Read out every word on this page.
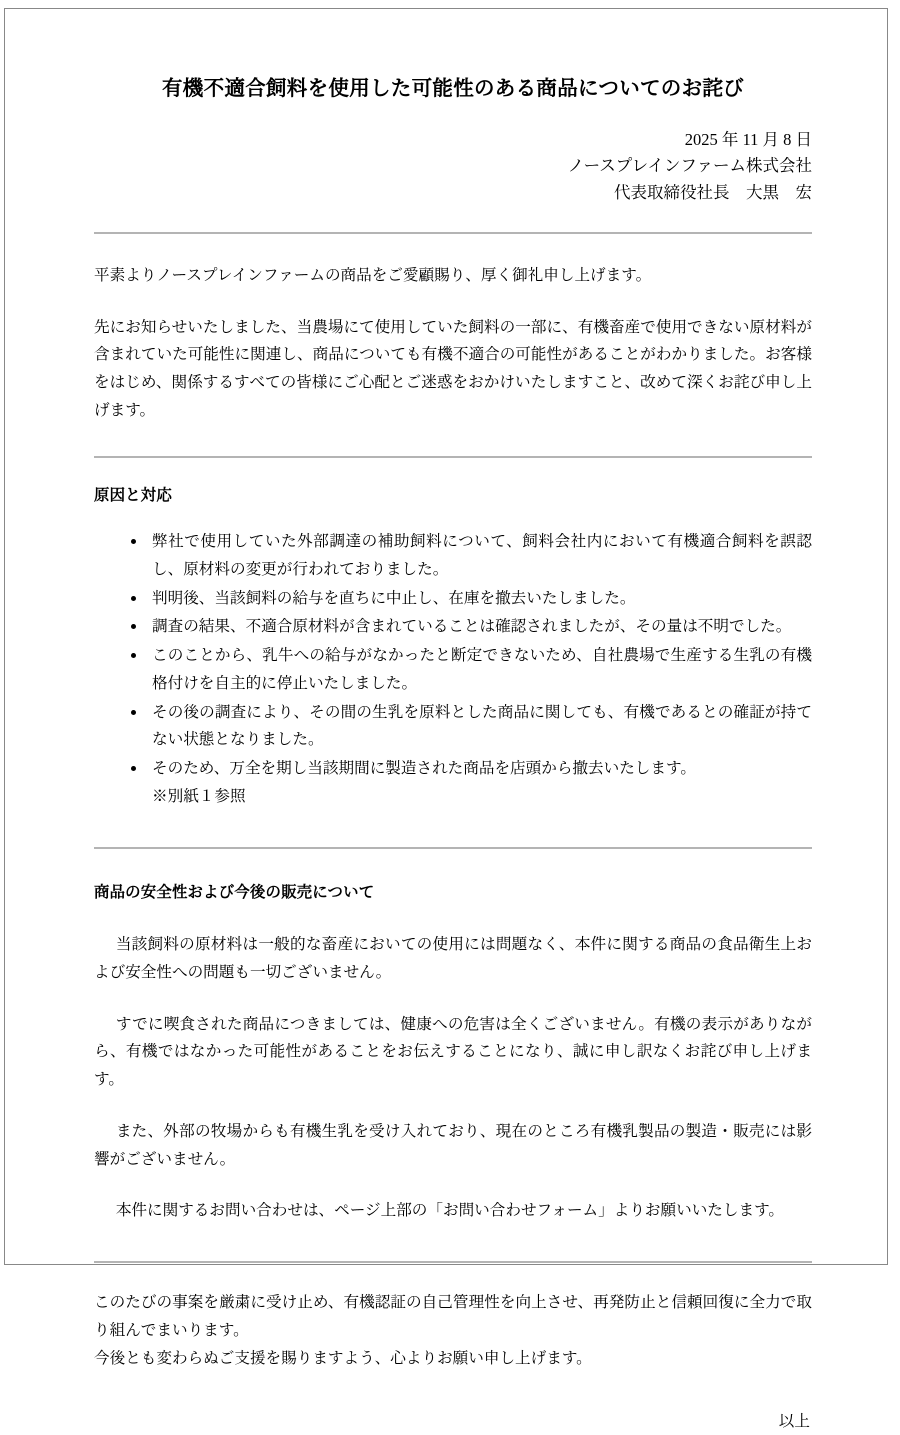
有機不適合飼料を使用した可能性のある商品についてのお詫び
2025 年 11 月 8 日
ノースプレインファーム株式会社
代表取締役社長　大黒　宏

平素よりノースプレインファームの商品をご愛顧賜り、厚く御礼申し上げます。

先にお知らせいたしました、当農場にて使用していた飼料の一部に、有機畜産で使用できない原材料が含まれていた可能性に関連し、商品についても有機不適合の可能性があることがわかりました。お客様をはじめ、関係するすべての皆様にご心配とご迷惑をおかけいたしますこと、改めて深くお詫び申し上げます。

原因と対応
弊社で使用していた外部調達の補助飼料について、飼料会社内において有機適合飼料を誤認し、原材料の変更が行われておりました。
判明後、当該飼料の給与を直ちに中止し、在庫を撤去いたしました。
調査の結果、不適合原材料が含まれていることは確認されましたが、その量は不明でした。
このことから、乳牛への給与がなかったと断定できないため、自社農場で生産する生乳の有機格付けを自主的に停止いたしました。
その後の調査により、その間の生乳を原料とした商品に関しても、有機であるとの確証が持てない状態となりました。
そのため、万全を期し当該期間に製造された商品を店頭から撤去いたします。
※別紙１参照
商品の安全性および今後の販売について

当該飼料の原材料は一般的な畜産においての使用には問題なく、本件に関する商品の食品衛生上および安全性への問題も一切ございません。

すでに喫食された商品につきましては、健康への危害は全くございません。有機の表示がありながら、有機ではなかった可能性があることをお伝えすることになり、誠に申し訳なくお詫び申し上げます。

また、外部の牧場からも有機生乳を受け入れており、現在のところ有機乳製品の製造・販売には影響がございません。

本件に関するお問い合わせは、ページ上部の「お問い合わせフォーム」よりお願いいたします。

このたびの事案を厳粛に受け止め、有機認証の自己管理性を向上させ、再発防止と信頼回復に全力で取り組んでまいります。

今後とも変わらぬご支援を賜りますよう、心よりお願い申し上げます。

以上
